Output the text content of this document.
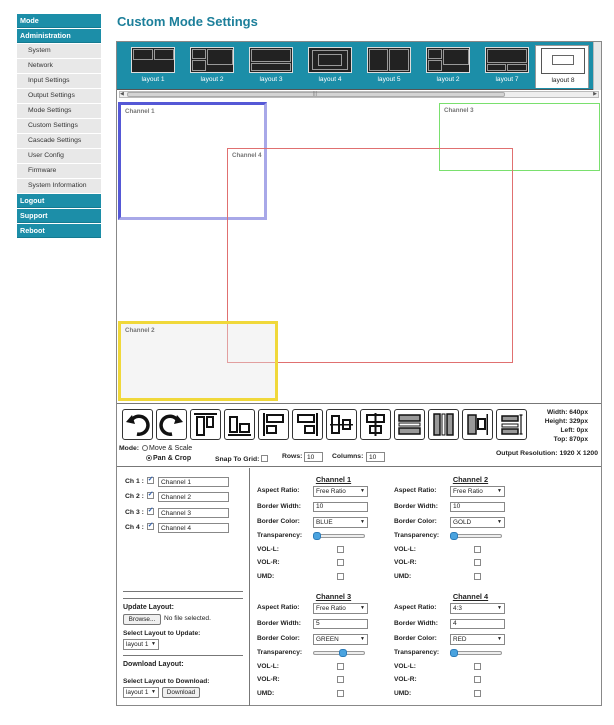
Mode
Administration
System
Network
Input Settings
Output Settings
Mode Settings
Custom Settings
Cascade Settings
User Config
Firmware
System Information
Logout
Support
Reboot
Custom Mode Settings
layout 1	layout 2	layout 3	layout 4	layout 5	layout 2	layout 7	layout 8
◀	|||	▶
Channel 1	Channel 3
Channel 4
Channel 2
Width: 640px
Height: 329px
Left: 0px
Top: 870px
Mode:	Move & Scale
Pan & Crop	Snap To Grid:	Rows: 10	Columns: 10
Output Resolution: 1920 X 1200
Ch 1 : ✓	Channel 1
Ch 2 : ✓	Channel 2
Ch 3 : ✓	Channel 3
Ch 4 : ✓	Channel 4
Update Layout:
Browse...	No file selected.
Select Layout to Update:
layout 1 ▼
Download Layout:
Select Layout to Download:
layout 1 ▼	Download
Channel 1
Aspect Ratio:	Free Ratio	▼
Border Width:	10
Border Color:	BLUE	▼
Transparency:
VOL-L:
VOL-R:
UMD:
Channel 2
Aspect Ratio:	Free Ratio	▼
Border Width:	10
Border Color:	GOLD	▼
Transparency:
VOL-L:
VOL-R:
UMD:
Channel 3
Aspect Ratio:	Free Ratio	▼
Border Width:	5
Border Color:	GREEN	▼
Transparency:
VOL-L:
VOL-R:
UMD:
Channel 4
Aspect Ratio:	4:3	▼
Border Width:	4
Border Color:	RED	▼
Transparency:
VOL-L:
VOL-R:
UMD:
